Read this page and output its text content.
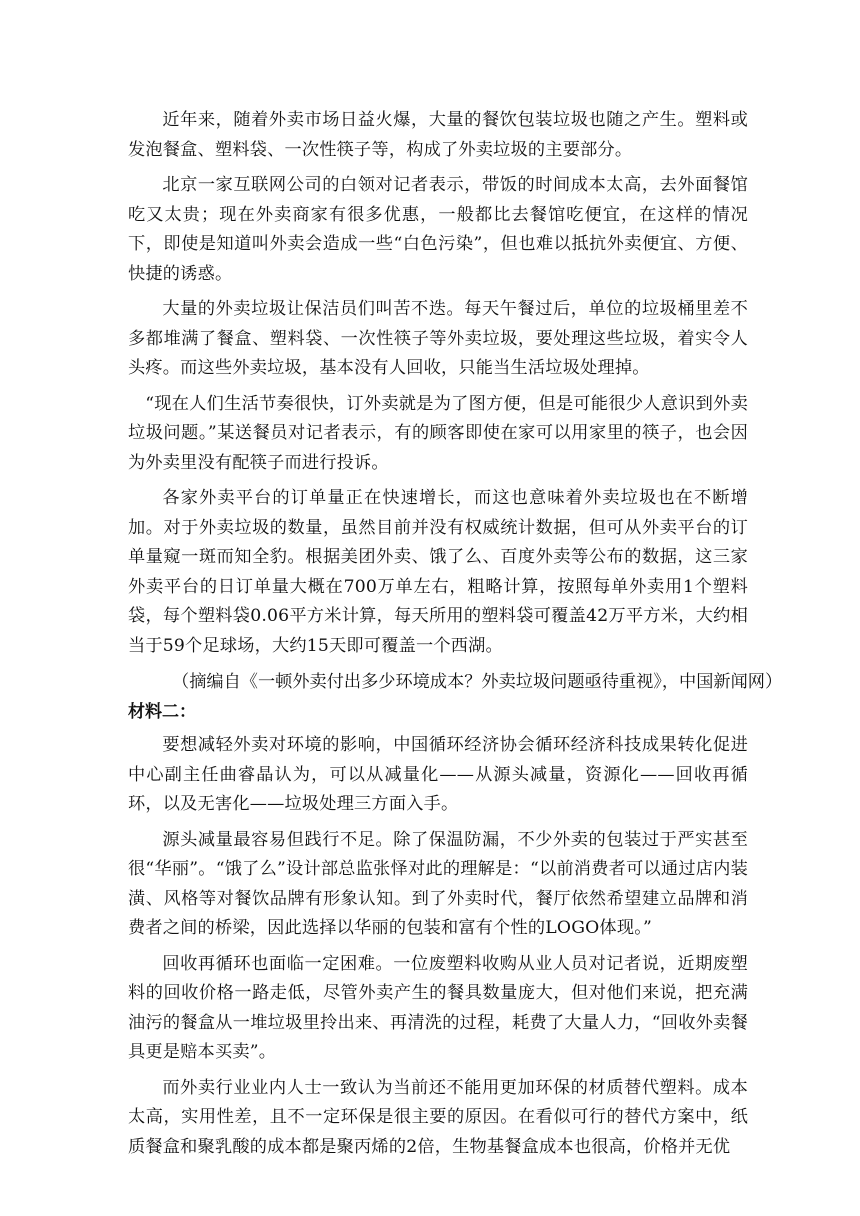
近年来，随着外卖市场日益火爆，大量的餐饮包装垃圾也随之产生。塑料或发泡餐盒、塑料袋、一次性筷子等，构成了外卖垃圾的主要部分。

北京一家互联网公司的白领对记者表示，带饭的时间成本太高，去外面餐馆吃又太贵；现在外卖商家有很多优惠，一般都比去餐馆吃便宜，在这样的情况下，即使是知道叫外卖会造成一些“白色污染”，但也难以抵抗外卖便宜、方便、快捷的诱惑。

大量的外卖垃圾让保洁员们叫苦不迭。每天午餐过后，单位的垃圾桶里差不多都堆满了餐盒、塑料袋、一次性筷子等外卖垃圾，要处理这些垃圾，着实令人头疼。而这些外卖垃圾，基本没有人回收，只能当生活垃圾处理掉。

“现在人们生活节奏很快，订外卖就是为了图方便，但是可能很少人意识到外卖垃圾问题。”某送餐员对记者表示，有的顾客即使在家可以用家里的筷子，也会因为外卖里没有配筷子而进行投诉。

各家外卖平台的订单量正在快速增长，而这也意味着外卖垃圾也在不断增加。对于外卖垃圾的数量，虽然目前并没有权威统计数据，但可从外卖平台的订单量窥一斑而知全豹。根据美团外卖、饿了么、百度外卖等公布的数据，这三家外卖平台的日订单量大概在700万单左右，粗略计算，按照每单外卖用1个塑料袋，每个塑料袋0.06平方米计算，每天所用的塑料袋可覆盖42万平方米，大约相当于59个足球场，大约15天即可覆盖一个西湖。

（摘编自《一顿外卖付出多少环境成本？外卖垃圾问题亟待重视》，中国新闻网）

材料二：

要想减轻外卖对环境的影响，中国循环经济协会循环经济科技成果转化促进中心副主任曲睿晶认为，可以从减量化——从源头减量，资源化——回收再循环，以及无害化——垃圾处理三方面入手。

源头减量最容易但践行不足。除了保温防漏，不少外卖的包装过于严实甚至很“华丽”。“饿了么”设计部总监张怿对此的理解是：“以前消费者可以通过店内装潢、风格等对餐饮品牌有形象认知。到了外卖时代，餐厅依然希望建立品牌和消费者之间的桥梁，因此选择以华丽的包装和富有个性的LOGO体现。”

回收再循环也面临一定困难。一位废塑料收购从业人员对记者说，近期废塑料的回收价格一路走低，尽管外卖产生的餐具数量庞大，但对他们来说，把充满油污的餐盒从一堆垃圾里拎出来、再清洗的过程，耗费了大量人力，“回收外卖餐具更是赔本买卖”。

而外卖行业业内人士一致认为当前还不能用更加环保的材质替代塑料。成本太高，实用性差，且不一定环保是很主要的原因。在看似可行的替代方案中，纸质餐盒和聚乳酸的成本都是聚丙烯的2倍，生物基餐盒成本也很高，价格并无优
